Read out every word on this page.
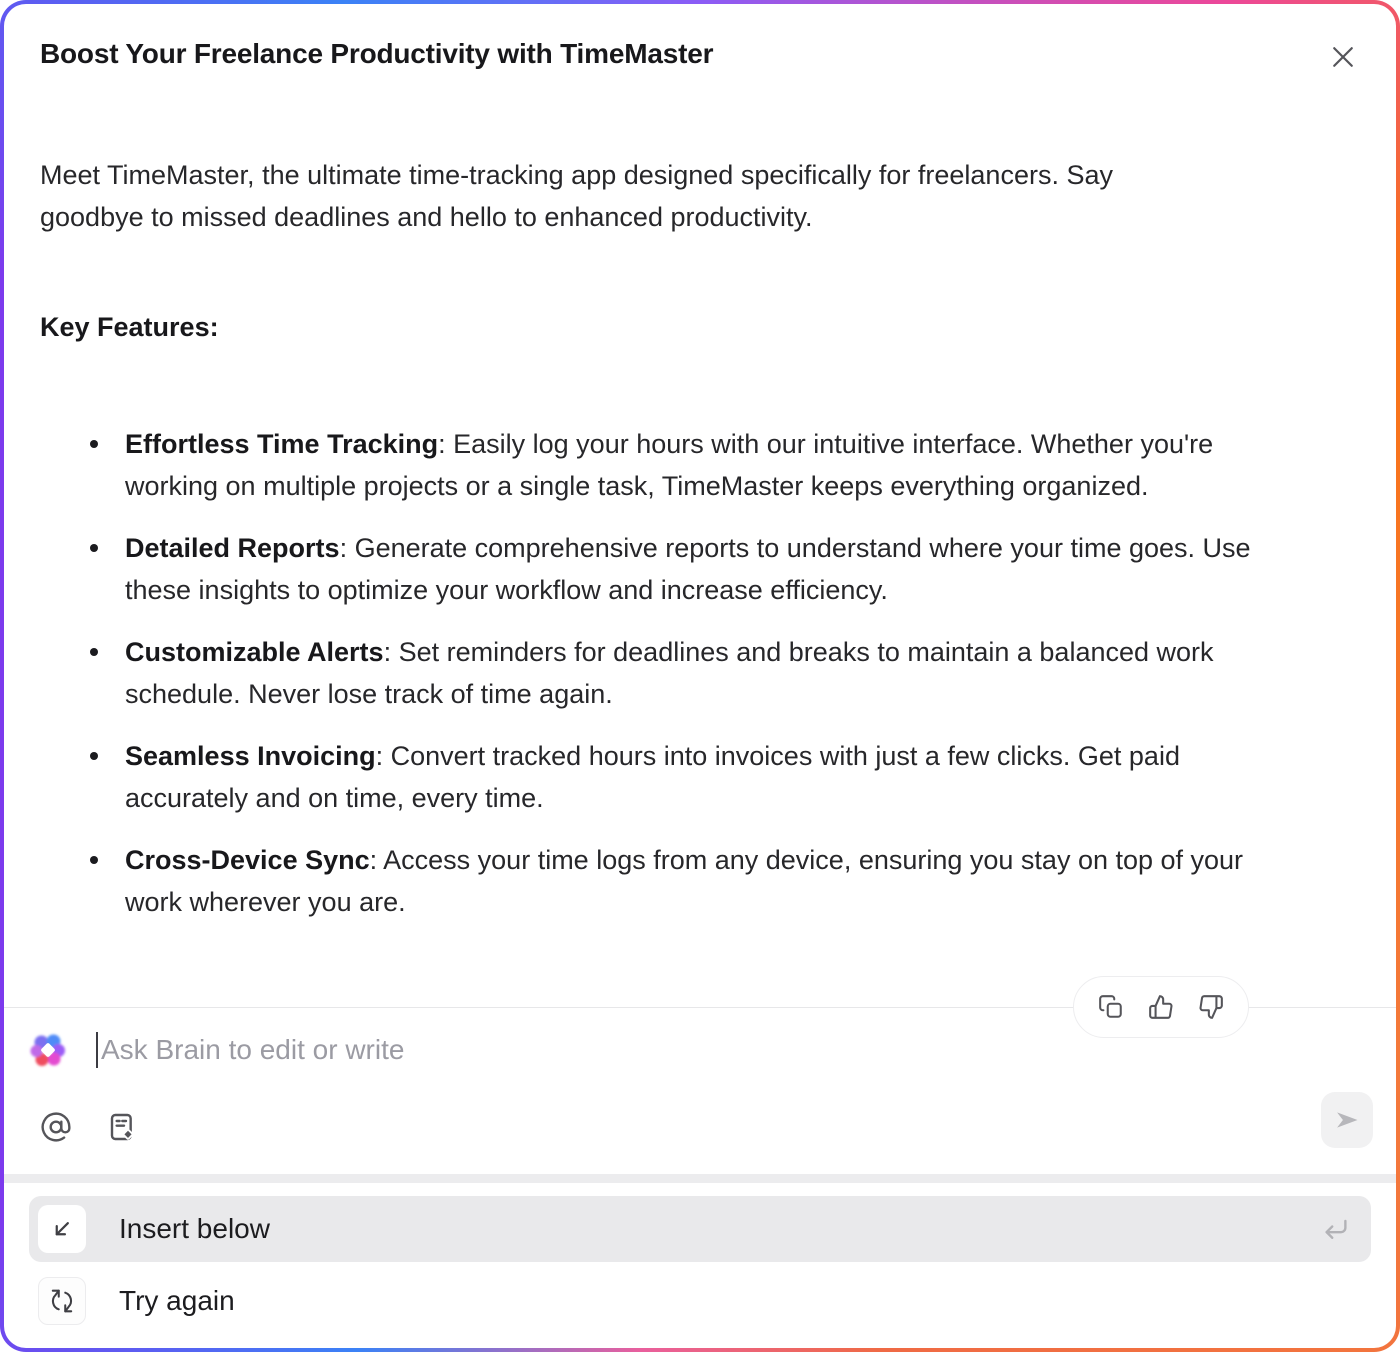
Boost Your Freelance Productivity with TimeMaster

Meet TimeMaster, the ultimate time-tracking app designed specifically for freelancers. Say goodbye to missed deadlines and hello to enhanced productivity.

Key Features:
Effortless Time Tracking: Easily log your hours with our intuitive interface. Whether you're working on multiple projects or a single task, TimeMaster keeps everything organized.
Detailed Reports: Generate comprehensive reports to understand where your time goes. Use these insights to optimize your workflow and increase efficiency.
Customizable Alerts: Set reminders for deadlines and breaks to maintain a balanced work schedule. Never lose track of time again.
Seamless Invoicing: Convert tracked hours into invoices with just a few clicks. Get paid accurately and on time, every time.
Cross-Device Sync: Access your time logs from any device, ensuring you stay on top of your work wherever you are.
Ask Brain to edit or write
Insert below
Try again
